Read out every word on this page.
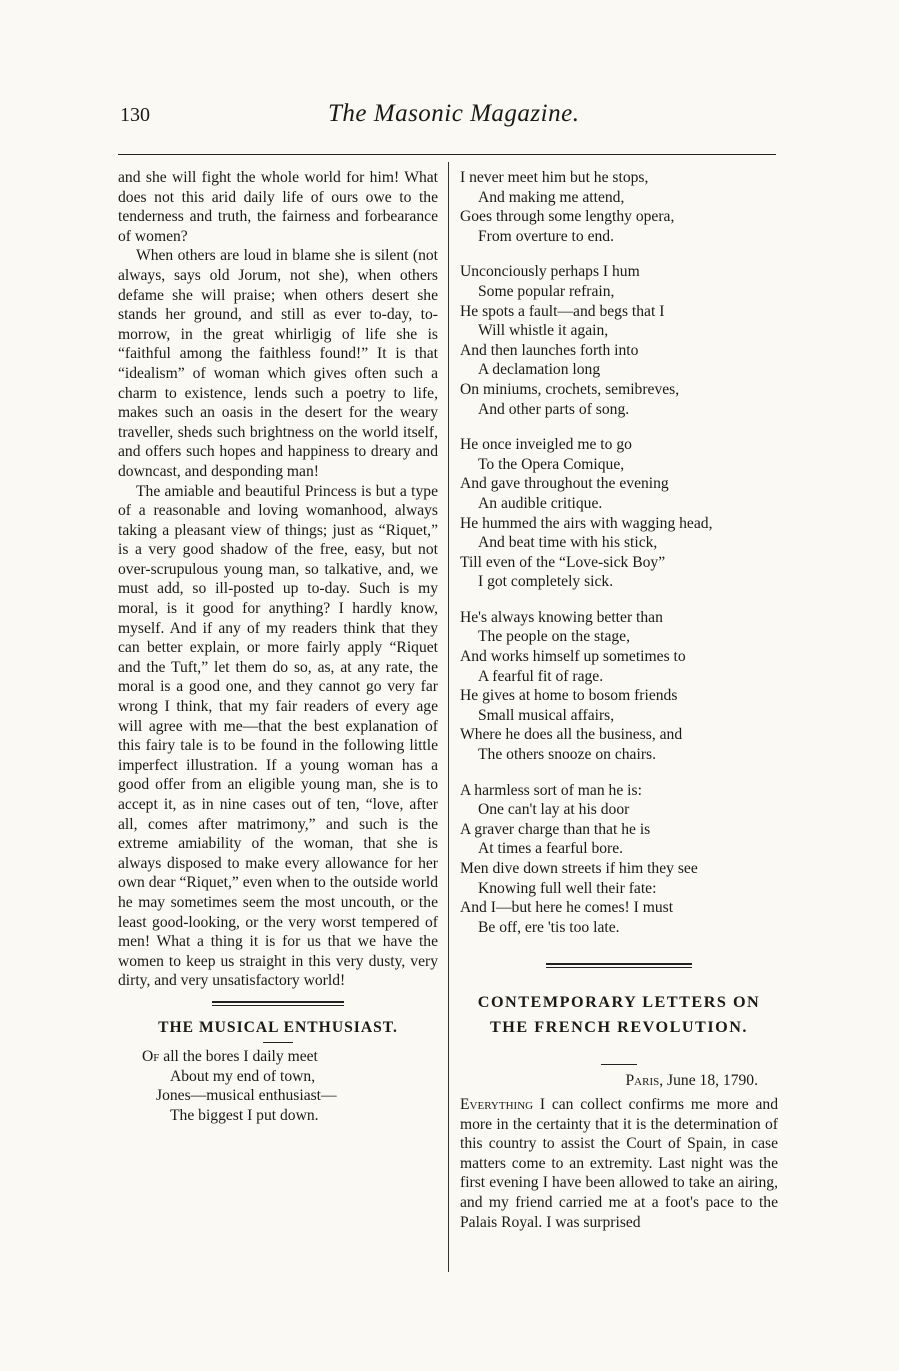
130	The Masonic Magazine.

and she will fight the whole world for him! What does not this arid daily life of ours owe to the tenderness and truth, the fairness and forbearance of women?

When others are loud in blame she is silent (not always, says old Jorum, not she), when others defame she will praise; when others desert she stands her ground, and still as ever to-day, to-morrow, in the great whirligig of life she is “faithful among the faithless found!” It is that “idealism” of woman which gives often such a charm to existence, lends such a poetry to life, makes such an oasis in the desert for the weary traveller, sheds such brightness on the world itself, and offers such hopes and happiness to dreary and downcast, and desponding man!

The amiable and beautiful Princess is but a type of a reasonable and loving womanhood, always taking a pleasant view of things; just as “Riquet,” is a very good shadow of the free, easy, but not over-scrupulous young man, so talkative, and, we must add, so ill-posted up to-day. Such is my moral, is it good for anything? I hardly know, myself. And if any of my readers think that they can better explain, or more fairly apply “Riquet and the Tuft,” let them do so, as, at any rate, the moral is a good one, and they cannot go very far wrong I think, that my fair readers of every age will agree with me—that the best explanation of this fairy tale is to be found in the following little imperfect illustration. If a young woman has a good offer from an eligible young man, she is to accept it, as in nine cases out of ten, “love, after all, comes after matrimony,” and such is the extreme amiability of the woman, that she is always disposed to make every allowance for her own dear “Riquet,” even when to the outside world he may sometimes seem the most uncouth, or the least good-looking, or the very worst tempered of men! What a thing it is for us that we have the women to keep us straight in this very dusty, very dirty, and very unsatisfactory world!

THE MUSICAL ENTHUSIAST.
Of all the bores I daily meet
About my end of town,
Jones—musical enthusiast—
The biggest I put down.
I never meet him but he stops,
And making me attend,
Goes through some lengthy opera,
From overture to end.
Unconciously perhaps I hum
Some popular refrain,
He spots a fault—and begs that I
Will whistle it again,
And then launches forth into
A declamation long
On miniums, crochets, semibreves,
And other parts of song.
He once inveigled me to go
To the Opera Comique,
And gave throughout the evening
An audible critique.
He hummed the airs with wagging head,
And beat time with his stick,
Till even of the “Love-sick Boy”
I got completely sick.
He's always knowing better than
The people on the stage,
And works himself up sometimes to
A fearful fit of rage.
He gives at home to bosom friends
Small musical affairs,
Where he does all the business, and
The others snooze on chairs.
A harmless sort of man he is:
One can't lay at his door
A graver charge than that he is
At times a fearful bore.
Men dive down streets if him they see
Knowing full well their fate:
And I—but here he comes! I must
Be off, ere 'tis too late.
CONTEMPORARY LETTERS ON
THE FRENCH REVOLUTION.
Paris, June 18, 1790.

Everything I can collect confirms me more and more in the certainty that it is the determination of this country to assist the Court of Spain, in case matters come to an extremity. Last night was the first evening I have been allowed to take an airing, and my friend carried me at a foot's pace to the Palais Royal. I was surprised
